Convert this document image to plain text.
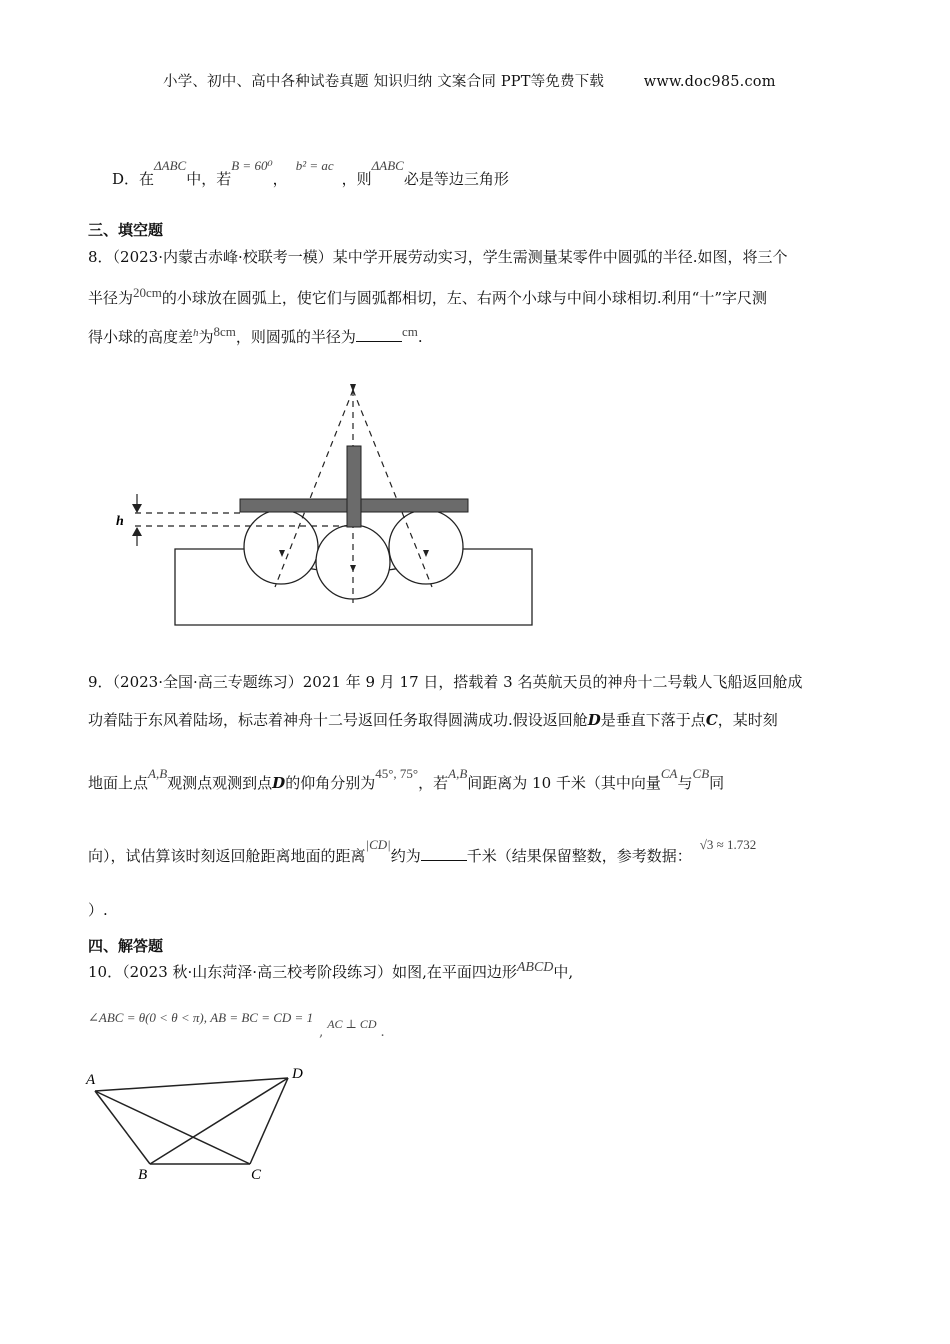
小学、初中、高中各种试卷真题 知识归纳 文案合同 PPT等免费下载	www.doc985.com
D．在ΔABC中，若B = 60⁰，b² = ac，则ΔABC必是等边三角形
三、填空题
8．（2023·内蒙古赤峰·校联考一模）某中学开展劳动实习，学生需测量某零件中圆弧的半径.如图，将三个
半径为20cm的小球放在圆弧上，使它们与圆弧都相切，左、右两个小球与中间小球相切.利用“十”字尺测
得小球的高度差$^h$为8cm，则圆弧的半径为	cm.
h
9．（2023·全国·高三专题练习）2021 年 9 月 17 日，搭载着 3 名英航天员的神舟十二号载人飞船返回舱成
功着陆于东风着陆场，标志着神舟十二号返回任务取得圆满成功.假设返回舱D是垂直下落于点C，某时刻
地面上点A,B观测点观测到点D的仰角分别为45°, 75°，若A,B间距离为 10 千米（其中向量CA与CB同
向），试估算该时刻返回舱距离地面的距离|CD|约为	千米（结果保留整数，参考数据：√3 ≈ 1.732
）.
四、解答题
10．（2023 秋·山东菏泽·高三校考阶段练习）如图,在平面四边形ABCD中,
∠ABC = θ(0 < θ < π), AB = BC = CD = 1,AC ⊥ CD.
A
B	C
D
